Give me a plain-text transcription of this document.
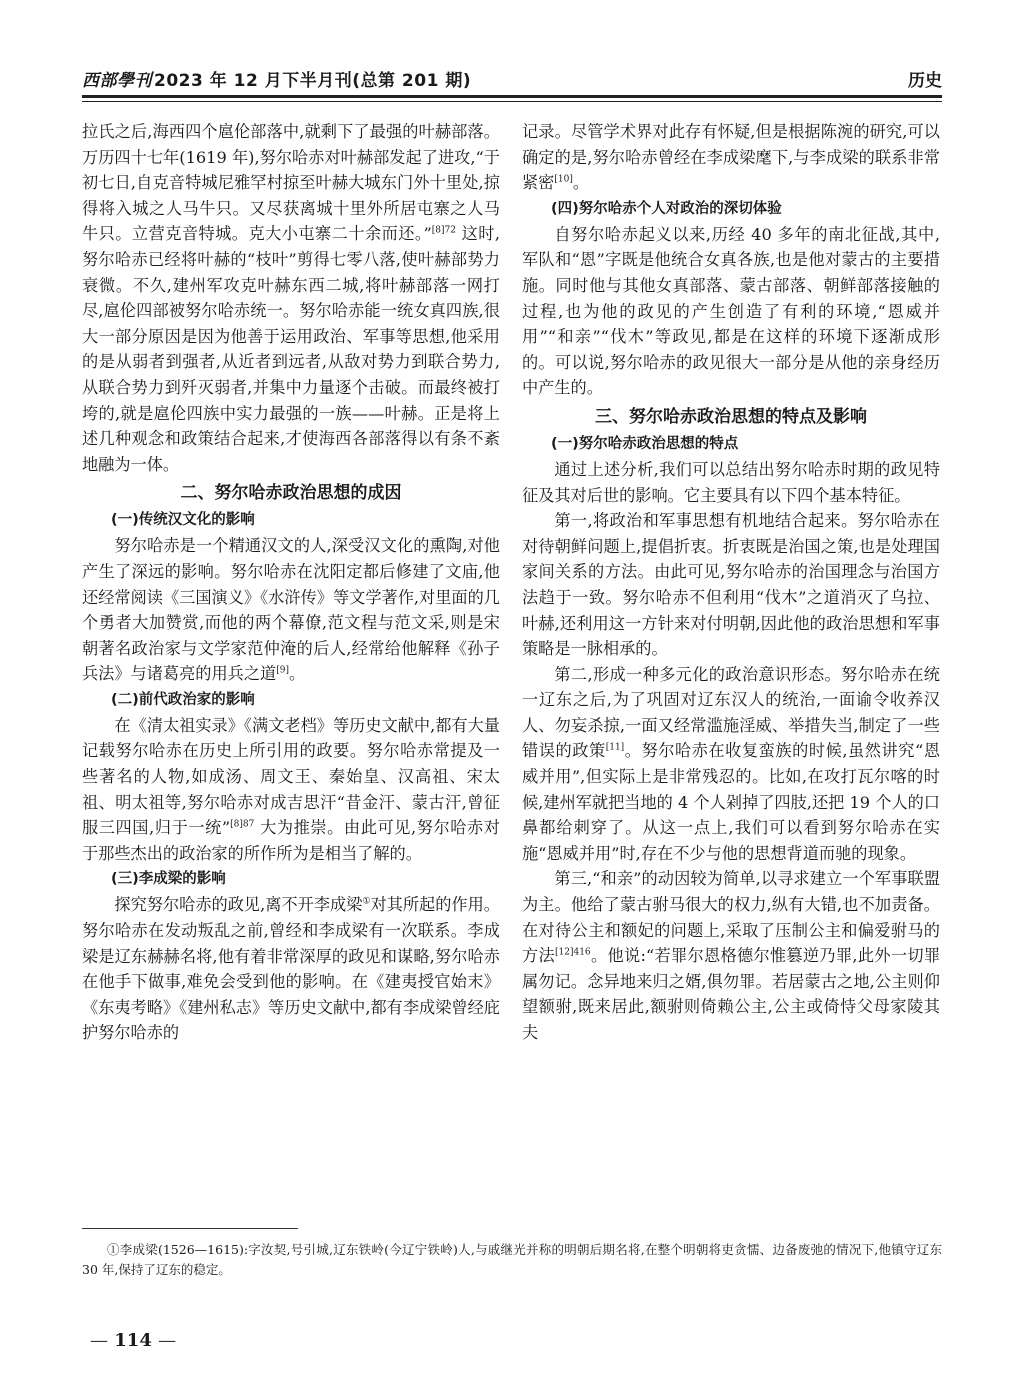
西部學刊 2023 年 12 月下半月刊(总第 201 期)	历史

拉氏之后,海西四个扈伦部落中,就剩下了最强的叶赫部落。万历四十七年(1619 年),努尔哈赤对叶赫部发起了进攻,“于初七日,自克音特城尼雅罕村掠至叶赫大城东门外十里处,掠得将入城之人马牛只。又尽获离城十里外所居屯寨之人马牛只。立营克音特城。克大小屯寨二十余而还。”$^{[8]72}$ 这时,努尔哈赤已经将叶赫的“枝叶”剪得七零八落,使叶赫部势力衰微。不久,建州军攻克叶赫东西二城,将叶赫部落一网打尽,扈伦四部被努尔哈赤统一。努尔哈赤能一统女真四族,很大一部分原因是因为他善于运用政治、军事等思想,他采用的是从弱者到强者,从近者到远者,从敌对势力到联合势力,从联合势力到歼灭弱者,并集中力量逐个击破。而最终被打垮的,就是扈伦四族中实力最强的一族——叶赫。正是将上述几种观念和政策结合起来,才使海西各部落得以有条不紊地融为一体。

二、努尔哈赤政治思想的成因
(一)传统汉文化的影响

努尔哈赤是一个精通汉文的人,深受汉文化的熏陶,对他产生了深远的影响。努尔哈赤在沈阳定都后修建了文庙,他还经常阅读《三国演义》《水浒传》等文学著作,对里面的几个勇者大加赞赏,而他的两个幕僚,范文程与范文采,则是宋朝著名政治家与文学家范仲淹的后人,经常给他解释《孙子兵法》与诸葛亮的用兵之道[9]。

(二)前代政治家的影响

在《清太祖实录》《满文老档》等历史文献中,都有大量记载努尔哈赤在历史上所引用的政要。努尔哈赤常提及一些著名的人物,如成汤、周文王、秦始皇、汉高祖、宋太祖、明太祖等,努尔哈赤对成吉思汗“昔金汗、蒙古汗,曾征服三四国,归于一统”$^{[8]87}$ 大为推崇。由此可见,努尔哈赤对于那些杰出的政治家的所作所为是相当了解的。

(三)李成梁的影响

探究努尔哈赤的政见,离不开李成梁①对其所起的作用。努尔哈赤在发动叛乱之前,曾经和李成梁有一次联系。李成梁是辽东赫赫名将,他有着非常深厚的政见和谋略,努尔哈赤在他手下做事,难免会受到他的影响。在《建夷授官始末》《东夷考略》《建州私志》等历史文献中,都有李成梁曾经庇护努尔哈赤的

记录。尽管学术界对此存有怀疑,但是根据陈涴的研究,可以确定的是,努尔哈赤曾经在李成梁麾下,与李成梁的联系非常紧密[10]。

(四)努尔哈赤个人对政治的深切体验

自努尔哈赤起义以来,历经 40 多年的南北征战,其中,军队和“恩”字既是他统合女真各族,也是他对蒙古的主要措施。同时他与其他女真部落、蒙古部落、朝鲜部落接触的过程,也为他的政见的产生创造了有利的环境,“恩威并用”“和亲”“伐木”等政见,都是在这样的环境下逐渐成形的。可以说,努尔哈赤的政见很大一部分是从他的亲身经历中产生的。

三、努尔哈赤政治思想的特点及影响
(一)努尔哈赤政治思想的特点

通过上述分析,我们可以总结出努尔哈赤时期的政见特征及其对后世的影响。它主要具有以下四个基本特征。

第一,将政治和军事思想有机地结合起来。努尔哈赤在对待朝鲜问题上,提倡折衷。折衷既是治国之策,也是处理国家间关系的方法。由此可见,努尔哈赤的治国理念与治国方法趋于一致。努尔哈赤不但利用“伐木”之道消灭了乌拉、叶赫,还利用这一方针来对付明朝,因此他的政治思想和军事策略是一脉相承的。

第二,形成一种多元化的政治意识形态。努尔哈赤在统一辽东之后,为了巩固对辽东汉人的统治,一面谕令收养汉人、勿妄杀掠,一面又经常滥施淫威、举措失当,制定了一些错误的政策[11]。努尔哈赤在收复蛮族的时候,虽然讲究“恩威并用”,但实际上是非常残忍的。比如,在攻打瓦尔喀的时候,建州军就把当地的 4 个人剁掉了四肢,还把 19 个人的口鼻都给刺穿了。从这一点上,我们可以看到努尔哈赤在实施“恩威并用”时,存在不少与他的思想背道而驰的现象。

第三,“和亲”的动因较为简单,以寻求建立一个军事联盟为主。他给了蒙古驸马很大的权力,纵有大错,也不加责备。在对待公主和额妃的问题上,采取了压制公主和偏爱驸马的方法$^{[12]416}$。他说:“若罪尔恩格德尔惟篡逆乃罪,此外一切罪属勿记。念异地来归之婿,俱勿罪。若居蒙古之地,公主则仰望额驸,既来居此,额驸则倚赖公主,公主或倚恃父母家陵其夫

①李成梁(1526—1615):字汝契,号引城,辽东铁岭(今辽宁铁岭)人,与戚继光并称的明朝后期名将,在整个明朝将吏贪懦、边备废弛的情况下,他镇守辽东 30 年,保持了辽东的稳定。
— 114 —
